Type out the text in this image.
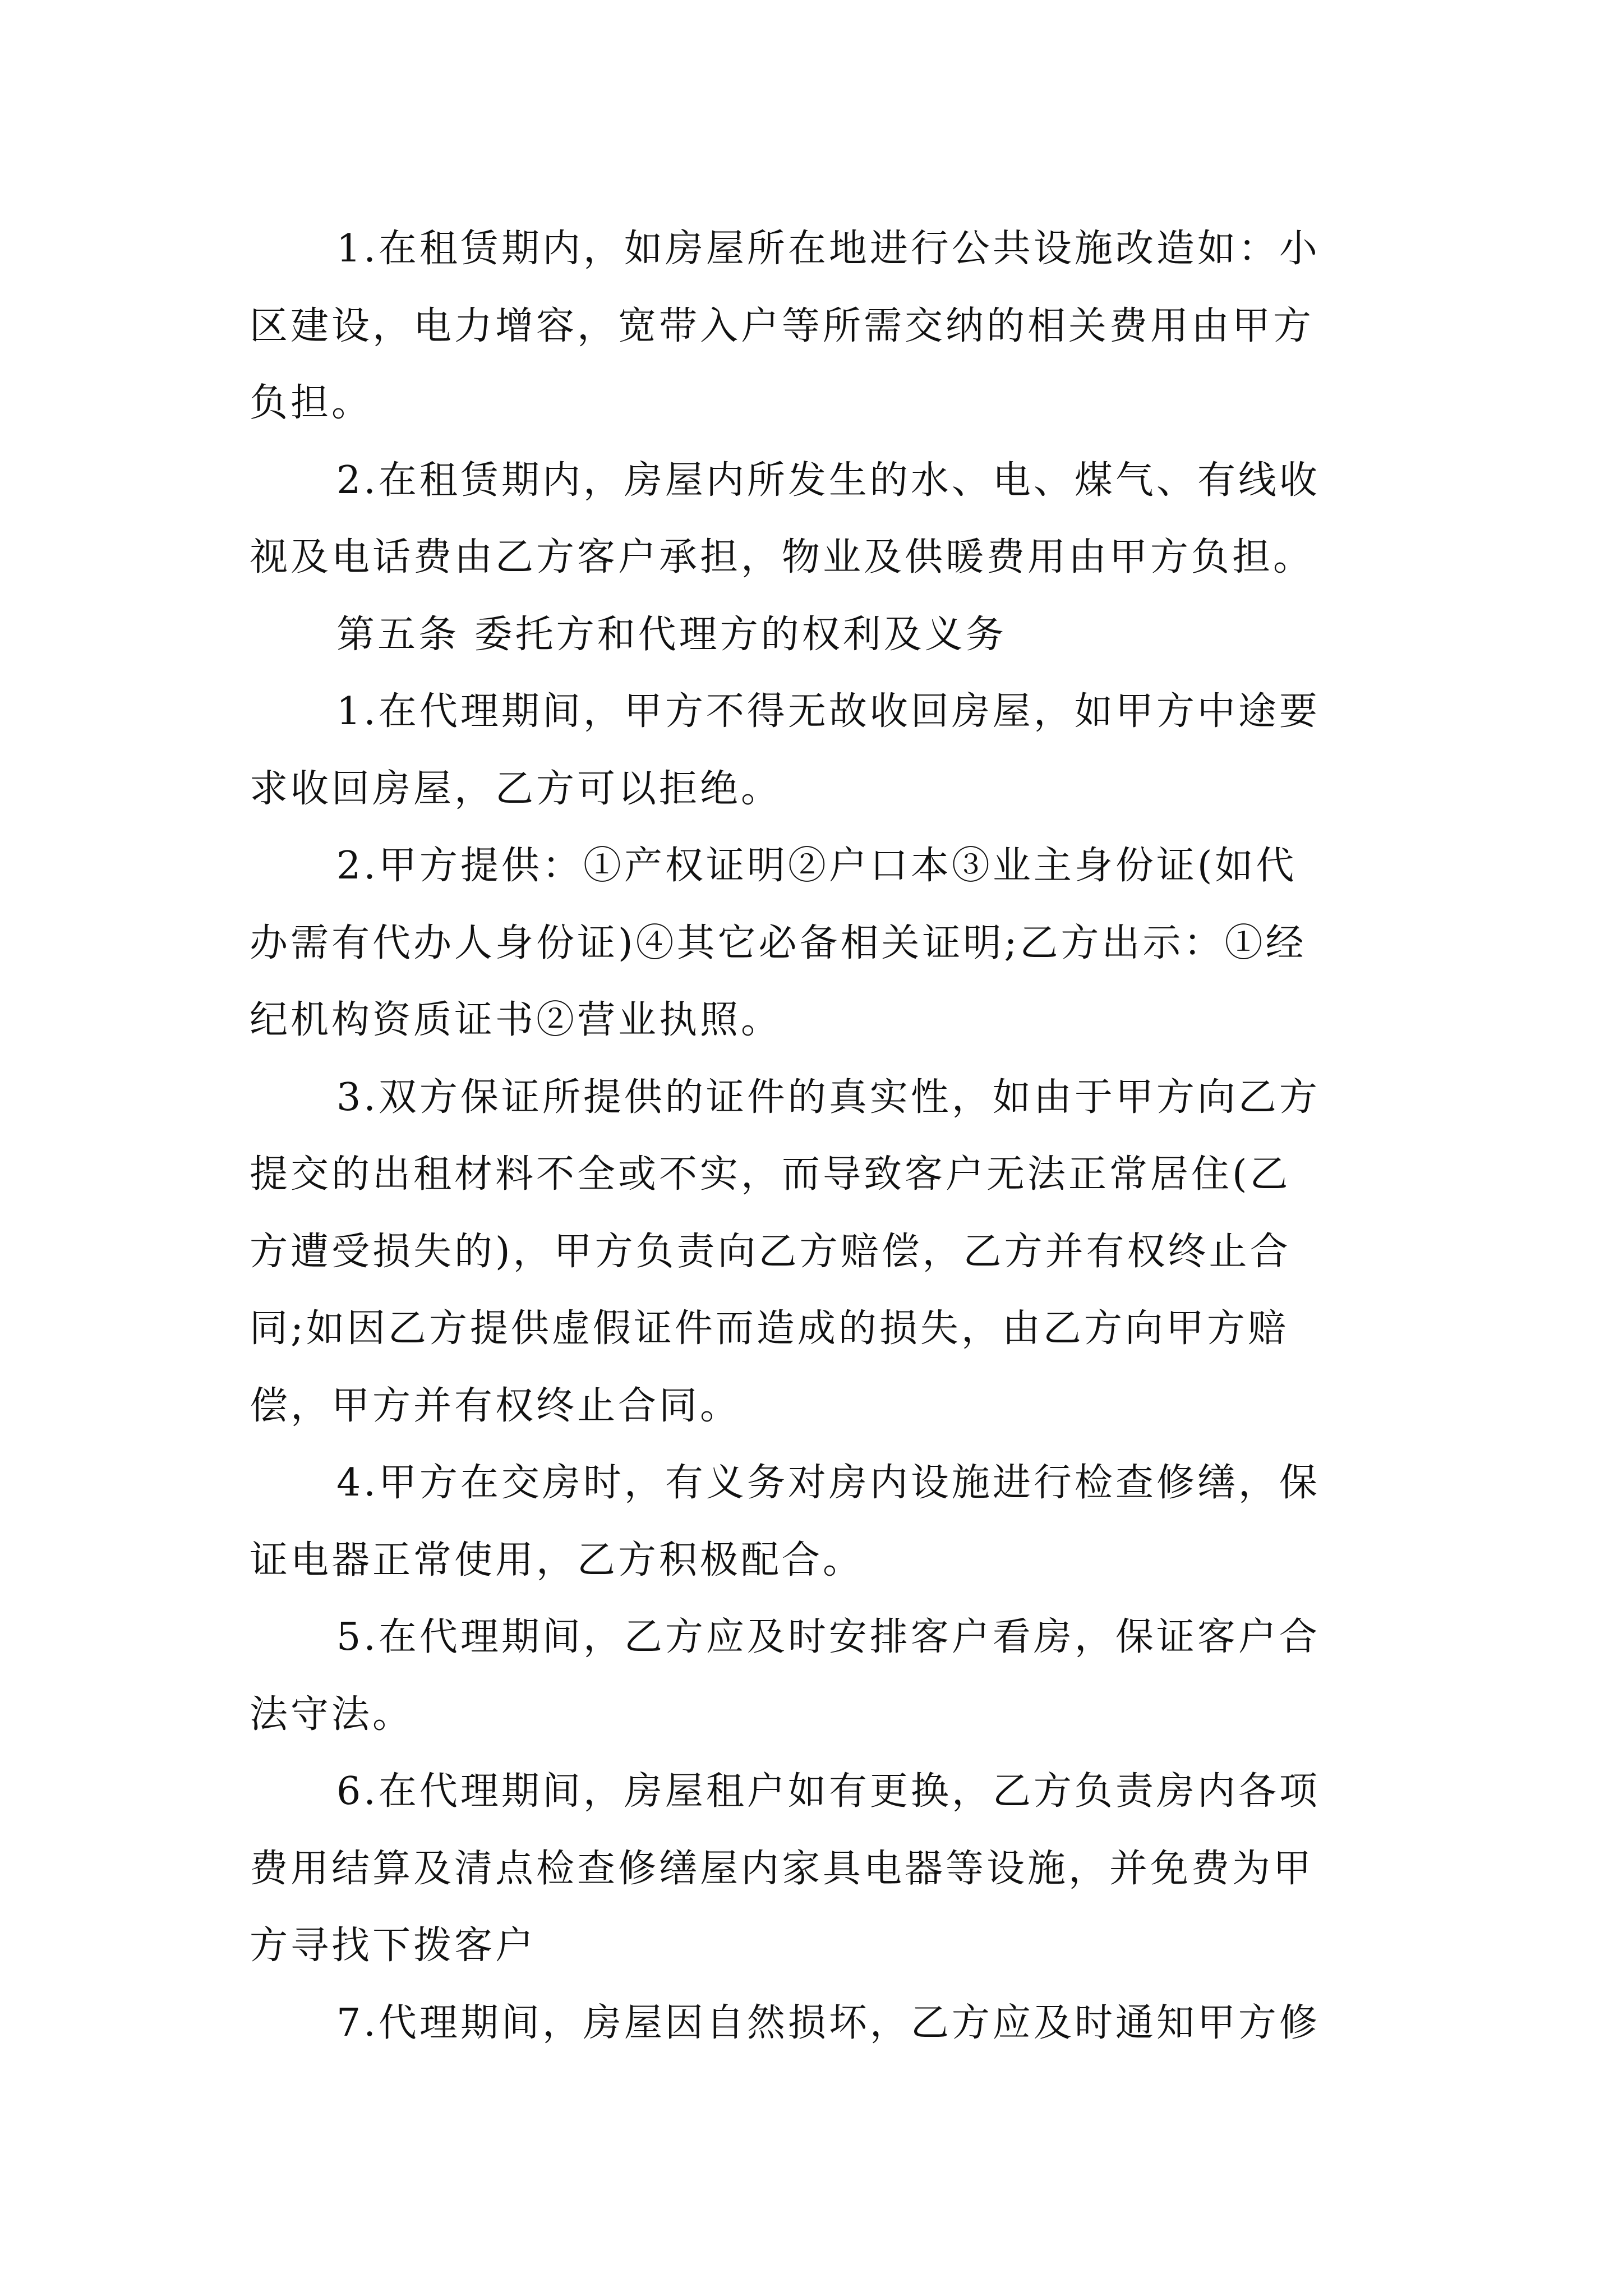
1.在租赁期内，如房屋所在地进行公共设施改造如：小
区建设，电力增容，宽带入户等所需交纳的相关费用由甲方
负担。
2.在租赁期内，房屋内所发生的水、电、煤气、有线收
视及电话费由乙方客户承担，物业及供暖费用由甲方负担。
第五条 委托方和代理方的权利及义务
1.在代理期间，甲方不得无故收回房屋，如甲方中途要
求收回房屋，乙方可以拒绝。
2.甲方提供：①产权证明②户口本③业主身份证(如代
办需有代办人身份证)④其它必备相关证明;乙方出示：①经
纪机构资质证书②营业执照。
3.双方保证所提供的证件的真实性，如由于甲方向乙方
提交的出租材料不全或不实，而导致客户无法正常居住(乙
方遭受损失的)，甲方负责向乙方赔偿，乙方并有权终止合
同;如因乙方提供虚假证件而造成的损失，由乙方向甲方赔
偿，甲方并有权终止合同。
4.甲方在交房时，有义务对房内设施进行检查修缮，保
证电器正常使用，乙方积极配合。
5.在代理期间，乙方应及时安排客户看房，保证客户合
法守法。
6.在代理期间，房屋租户如有更换，乙方负责房内各项
费用结算及清点检查修缮屋内家具电器等设施，并免费为甲
方寻找下拨客户
7.代理期间，房屋因自然损坏，乙方应及时通知甲方修
